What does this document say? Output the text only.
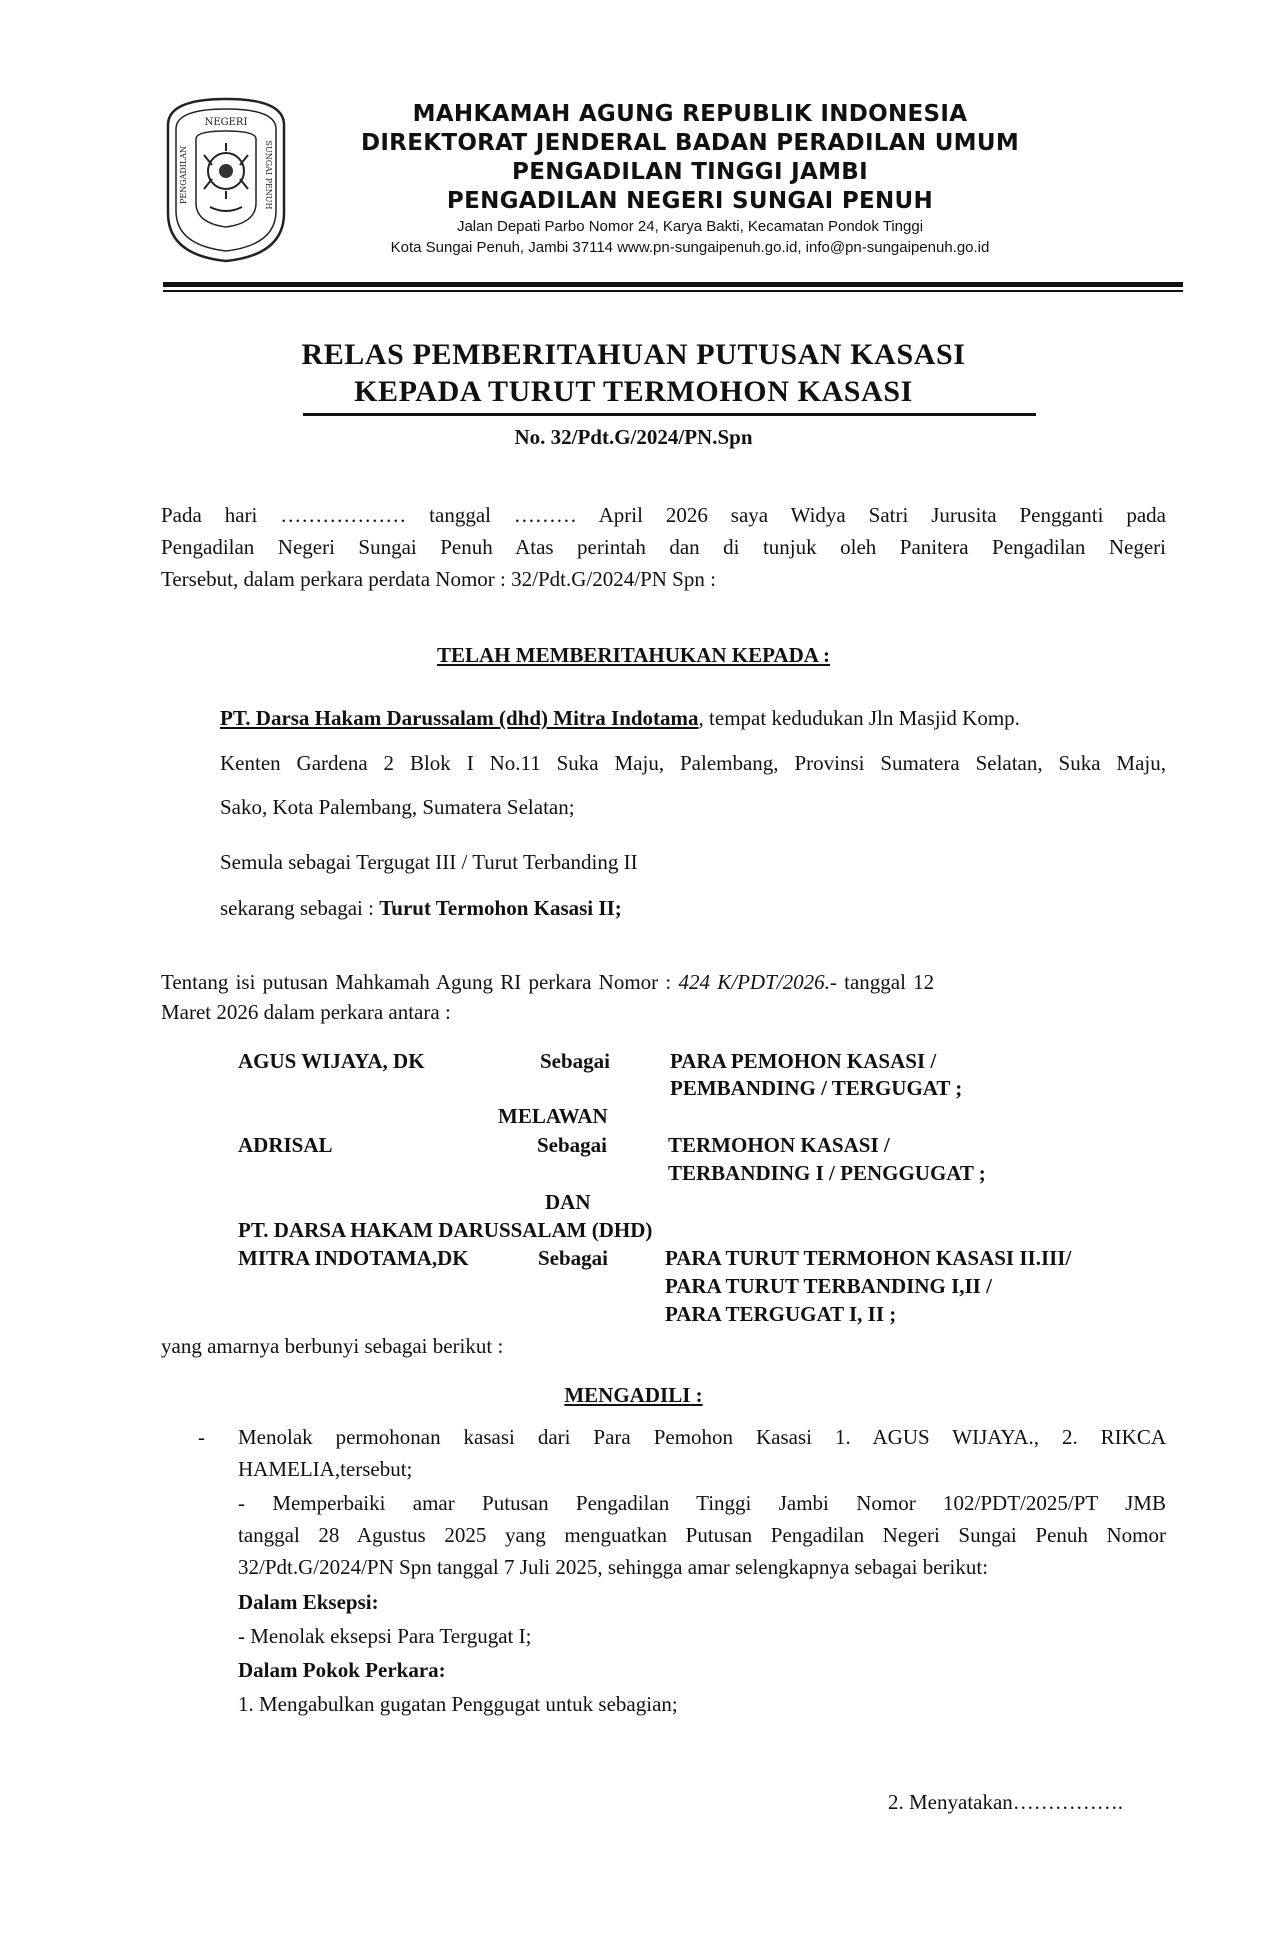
NEGERI
PENGADILAN	SUNGAI PENUH
MAHKAMAH AGUNG REPUBLIK INDONESIA
DIREKTORAT JENDERAL BADAN PERADILAN UMUM
PENGADILAN TINGGI JAMBI
PENGADILAN NEGERI SUNGAI PENUH
Jalan Depati Parbo Nomor 24, Karya Bakti, Kecamatan Pondok Tinggi
Kota Sungai Penuh, Jambi 37114 www.pn-sungaipenuh.go.id, info@pn-sungaipenuh.go.id
RELAS PEMBERITAHUAN PUTUSAN KASASI
KEPADA TURUT TERMOHON KASASI
No. 32/Pdt.G/2024/PN.Spn
Pada hari ……………… tanggal ……… April 2026 saya Widya Satri Jurusita Pengganti pada
Pengadilan Negeri Sungai Penuh Atas perintah dan di tunjuk oleh Panitera Pengadilan Negeri
Tersebut, dalam perkara perdata Nomor : 32/Pdt.G/2024/PN Spn :
TELAH MEMBERITAHUKAN KEPADA :
PT. Darsa Hakam Darussalam (dhd) Mitra Indotama, tempat kedudukan Jln Masjid Komp.
Kenten Gardena 2 Blok I No.11 Suka Maju, Palembang, Provinsi Sumatera Selatan, Suka Maju,
Sako, Kota Palembang, Sumatera Selatan;
Semula sebagai Tergugat III / Turut Terbanding II
sekarang sebagai : Turut Termohon Kasasi II;
Tentang isi putusan Mahkamah Agung RI perkara Nomor : 424 K/PDT/2026.- tanggal 12
Maret 2026 dalam perkara antara :
AGUS WIJAYA, DK	Sebagai	PARA PEMOHON KASASI /
PEMBANDING / TERGUGAT ;
MELAWAN
ADRISAL	Sebagai	TERMOHON KASASI /
TERBANDING I / PENGGUGAT ;
DAN
PT. DARSA HAKAM DARUSSALAM (DHD)
MITRA INDOTAMA,DK	Sebagai	PARA TURUT TERMOHON KASASI II.III/
PARA TURUT TERBANDING I,II /
PARA TERGUGAT I, II ;
yang amarnya berbunyi sebagai berikut :
MENGADILI :
- Menolak permohonan kasasi dari Para Pemohon Kasasi 1. AGUS WIJAYA., 2. RIKCA
HAMELIA,tersebut;
- Memperbaiki amar Putusan Pengadilan Tinggi Jambi Nomor 102/PDT/2025/PT JMB
tanggal 28 Agustus 2025 yang menguatkan Putusan Pengadilan Negeri Sungai Penuh Nomor
32/Pdt.G/2024/PN Spn tanggal 7 Juli 2025, sehingga amar selengkapnya sebagai berikut:
Dalam Eksepsi:
- Menolak eksepsi Para Tergugat I;
Dalam Pokok Perkara:
1. Mengabulkan gugatan Penggugat untuk sebagian;
2. Menyatakan…………….
